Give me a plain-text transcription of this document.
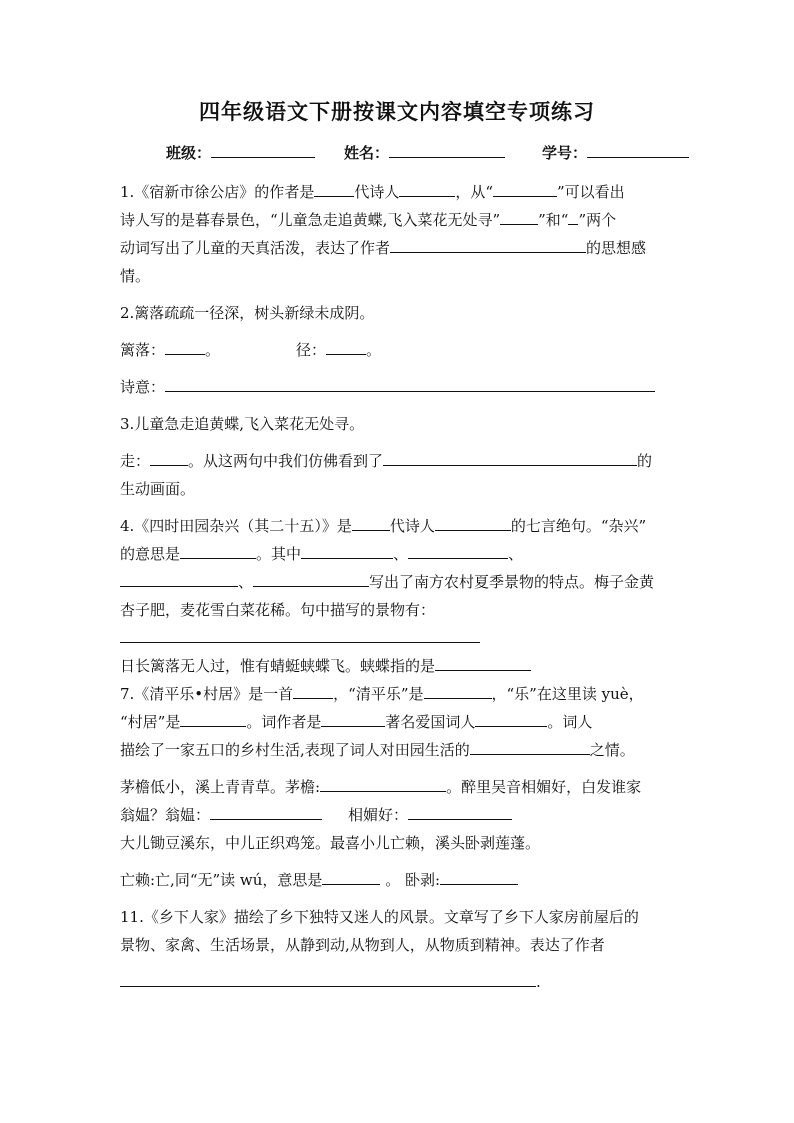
四年级语文下册按课文内容填空专项练习
班级：	姓名：	学号：
1.《宿新市徐公店》的作者是	代诗人	，从“	”可以看出
诗人写的是暮春景色，“儿童急走追黄蝶,飞入菜花无处寻”	”和“ ”两个
动词写出了儿童的天真活泼，表达了作者	的思想感
情。
2.篱落疏疏一径深，树头新绿未成阴。
篱落：	。	径：	。
诗意：
3.儿童急走追黄蝶,飞入菜花无处寻。
走：	。从这两句中我们仿佛看到了	的
生动画面。
4.《四时田园杂兴（其二十五）》是	代诗人	的七言绝句。“杂兴”
的意思是	。其中	、	、
、	写出了南方农村夏季景物的特点。梅子金黄
杏子肥，麦花雪白菜花稀。句中描写的景物有：
日长篱落无人过，惟有蜻蜓蛱蝶飞。蛱蝶指的是
7.《清平乐•村居》是一首	，“清平乐”是	，“乐”在这里读 yuè，
“村居”是	。词作者是	著名爱国词人	。词人
描绘了一家五口的乡村生活,表现了词人对田园生活的	之情。
茅檐低小，溪上青青草。茅檐:	。醉里吴音相媚好，白发谁家
翁媪？翁媪：	相媚好：
大儿锄豆溪东，中儿正织鸡笼。最喜小儿亡赖，溪头卧剥莲蓬。
亡赖:亡,同“无”读 wú，意思是	。 卧剥:
11.《乡下人家》描绘了乡下独特又迷人的风景。文章写了乡下人家房前屋后的
景物、家禽、生活场景，从静到动,从物到人，从物质到精神。表达了作者
.
